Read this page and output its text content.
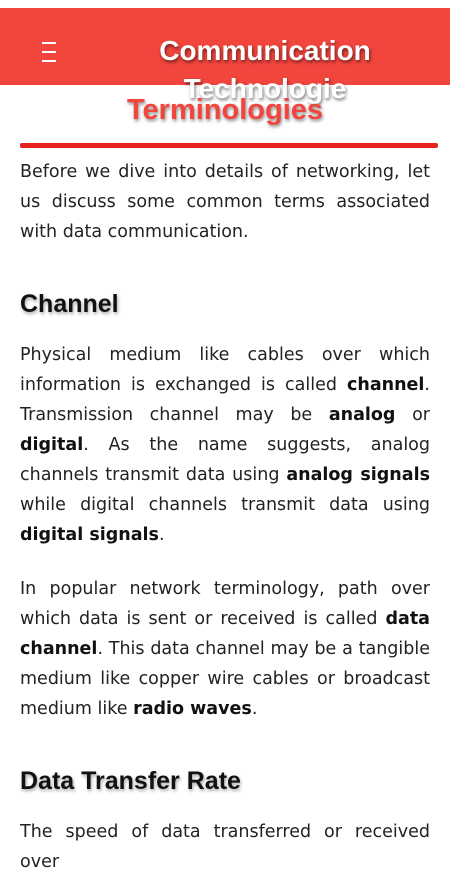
Communication Technologie
Terminologies

Before we dive into details of networking, let us discuss some common terms associated with data communication.

Channel

Physical medium like cables over which information is exchanged is called channel. Transmission channel may be analog or digital. As the name suggests, analog channels transmit data using analog signals while digital channels transmit data using digital signals.

In popular network terminology, path over which data is sent or received is called data channel. This data channel may be a tangible medium like copper wire cables or broadcast medium like radio waves.

Data Transfer Rate

The speed of data transferred or received over
